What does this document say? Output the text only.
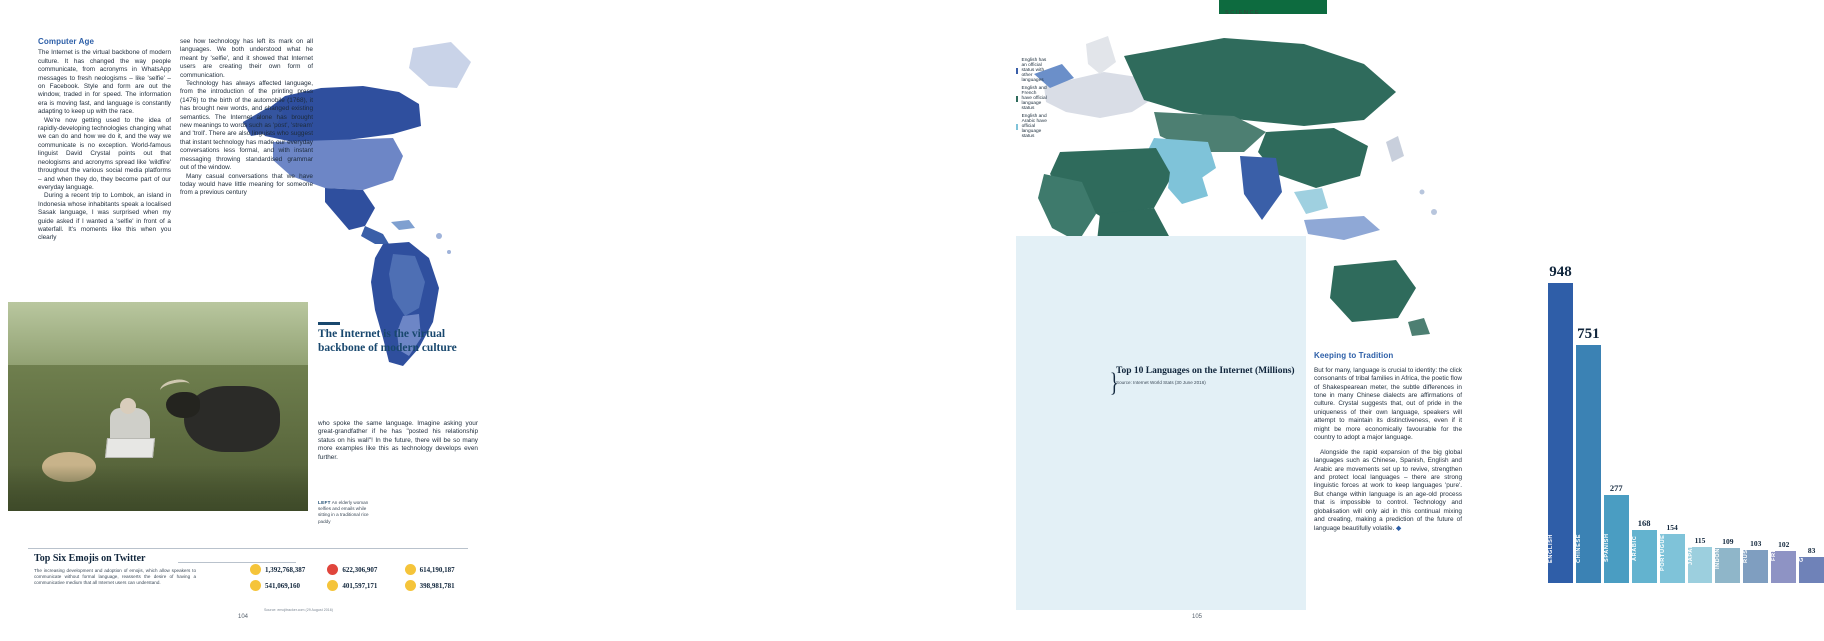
Computer Age

The Internet is the virtual backbone of modern culture. It has changed the way people communicate, from acronyms in WhatsApp messages to fresh neologisms – like 'selfie' – on Facebook. Style and form are out the window, traded in for speed. The information era is moving fast, and language is constantly adapting to keep up with the race.

We're now getting used to the idea of rapidly-developing technologies changing what we can do and how we do it, and the way we communicate is no exception. World-famous linguist David Crystal points out that neologisms and acronyms spread like 'wildfire' throughout the various social media platforms – and when they do, they become part of our everyday language.

During a recent trip to Lombok, an island in Indonesia whose inhabitants speak a localised Sasak language, I was surprised when my guide asked if I wanted a 'selfie' in front of a waterfall. It's moments like this when you clearly

see how technology has left its mark on all languages. We both understood what he meant by 'selfie', and it showed that Internet users are creating their own form of communication.

Technology has always affected language, from the introduction of the printing press (1476) to the birth of the automobile (1768), it has brought new words, and changed existing semantics. The Internet alone has brought new meanings to words such as 'post', 'stream' and 'troll'. There are also linguists who suggest that instant technology has made our everyday conversations less formal, and with instant messaging throwing standardised grammar out of the window.

Many casual conversations that we have today would have little meaning for someone from a previous century

The Internet is the virtual backbone of modern culture

who spoke the same language. Imagine asking your great-grandfather if he has "posted his relationship status on his wall"! In the future, there will be so many more examples like this as technology develops even further.

LEFT An elderly woman selfies and emails while sitting in a traditional rice paddy
Top Six Emojis on Twitter
The increasing development and adoption of emojis, which allow speakers to communicate without formal language, reasserts the desire of having a communicative medium that all Internet users can understand.
1,392,768,387	622,306,907	614,190,187
541,069,160	401,597,171	398,981,781
Source: emojitracker.com (29 August 2016)
104
SCIENCE
English has an official status with other languages
English and French have official language status
English and Arabic have official language status
948
ENGLISH
751
CHINESE
277
SPANISH
168
ARABIC
154
PORTUGUESE	115
JAPANESE	109
INDONESIAN	103
RUSSIAN	102
FRENCH	83
GERMAN
}
Top 10 Languages on the Internet (Millions)
Source: Internet World Stats (30 June 2016)
Keeping to Tradition

But for many, language is crucial to identity: the click consonants of tribal families in Africa, the poetic flow of Shakespearean meter, the subtle differences in tone in many Chinese dialects are affirmations of culture. Crystal suggests that, out of pride in the uniqueness of their own language, speakers will attempt to maintain its distinctiveness, even if it might be more economically favourable for the country to adopt a major language.

Alongside the rapid expansion of the big global languages such as Chinese, Spanish, English and Arabic are movements set up to revive, strengthen and protect local languages – there are strong linguistic forces at work to keep languages 'pure'. But change within language is an age-old process that is impossible to control. Technology and globalisation will only aid in this continual mixing and creating, making a prediction of the future of language beautifully volatile. ◆

105
